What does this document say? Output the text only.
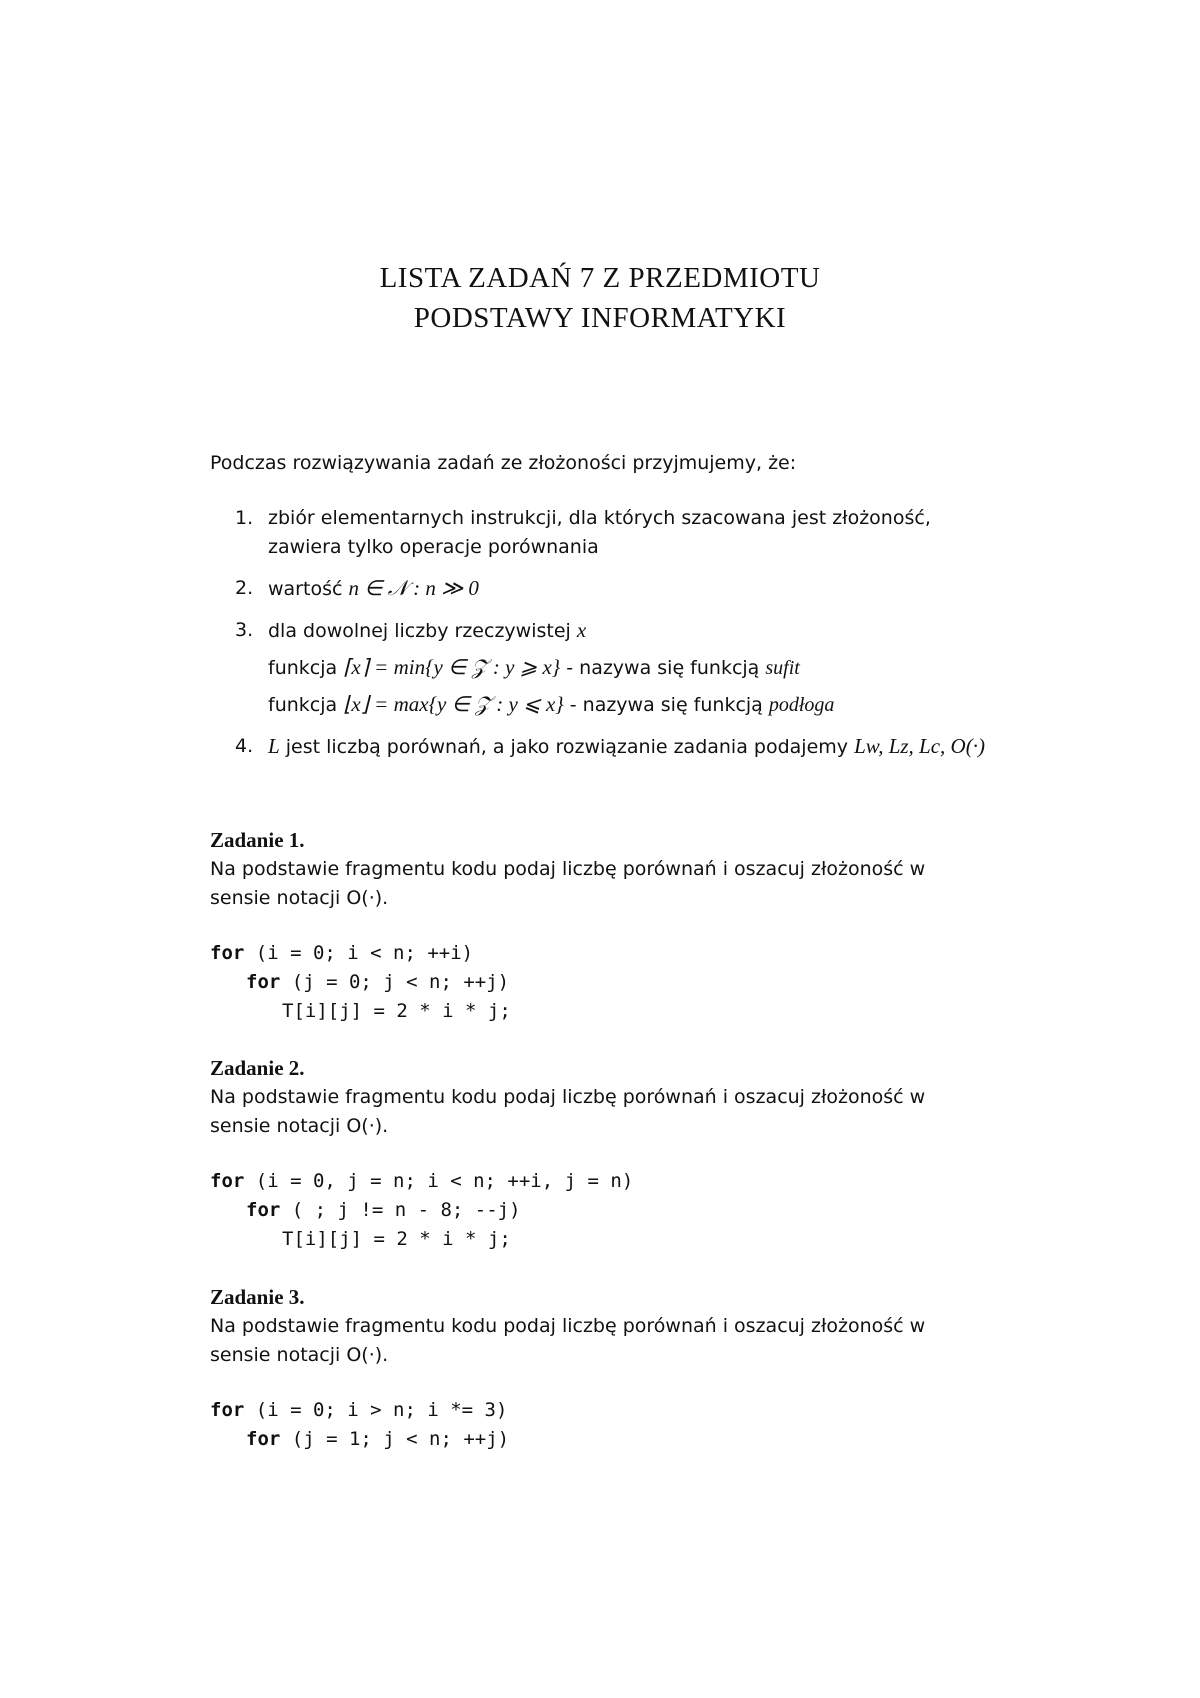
LISTA ZADAŃ 7 Z PRZEDMIOTU
PODSTAWY INFORMATYKI
Podczas rozwiązywania zadań ze złożoności przyjmujemy, że:
1. zbiór elementarnych instrukcji, dla których szacowana jest złożoność,
zawiera tylko operacje porównania
2. wartość n ∈ 𝒩 : n ≫ 0
3. dla dowolnej liczby rzeczywistej x
funkcja ⌈x⌉ = min{y ∈ 𝒵 : y ⩾ x} - nazywa się funkcją sufit
funkcja ⌊x⌋ = max{y ∈ 𝒵 : y ⩽ x} - nazywa się funkcją podłoga
4. L jest liczbą porównań, a jako rozwiązanie zadania podajemy Lw, Lz, Lc, O(·)
Zadanie 1.
Na podstawie fragmentu kodu podaj liczbę porównań i oszacuj złożoność w
sensie notacji O(·).
for (i = 0; i < n; ++i)
for (j = 0; j < n; ++j)
T[i][j] = 2 * i * j;
Zadanie 2.
Na podstawie fragmentu kodu podaj liczbę porównań i oszacuj złożoność w
sensie notacji O(·).
for (i = 0, j = n; i < n; ++i, j = n)
for ( ; j != n - 8; --j)
T[i][j] = 2 * i * j;
Zadanie 3.
Na podstawie fragmentu kodu podaj liczbę porównań i oszacuj złożoność w
sensie notacji O(·).
for (i = 0; i > n; i *= 3)
for (j = 1; j < n; ++j)
